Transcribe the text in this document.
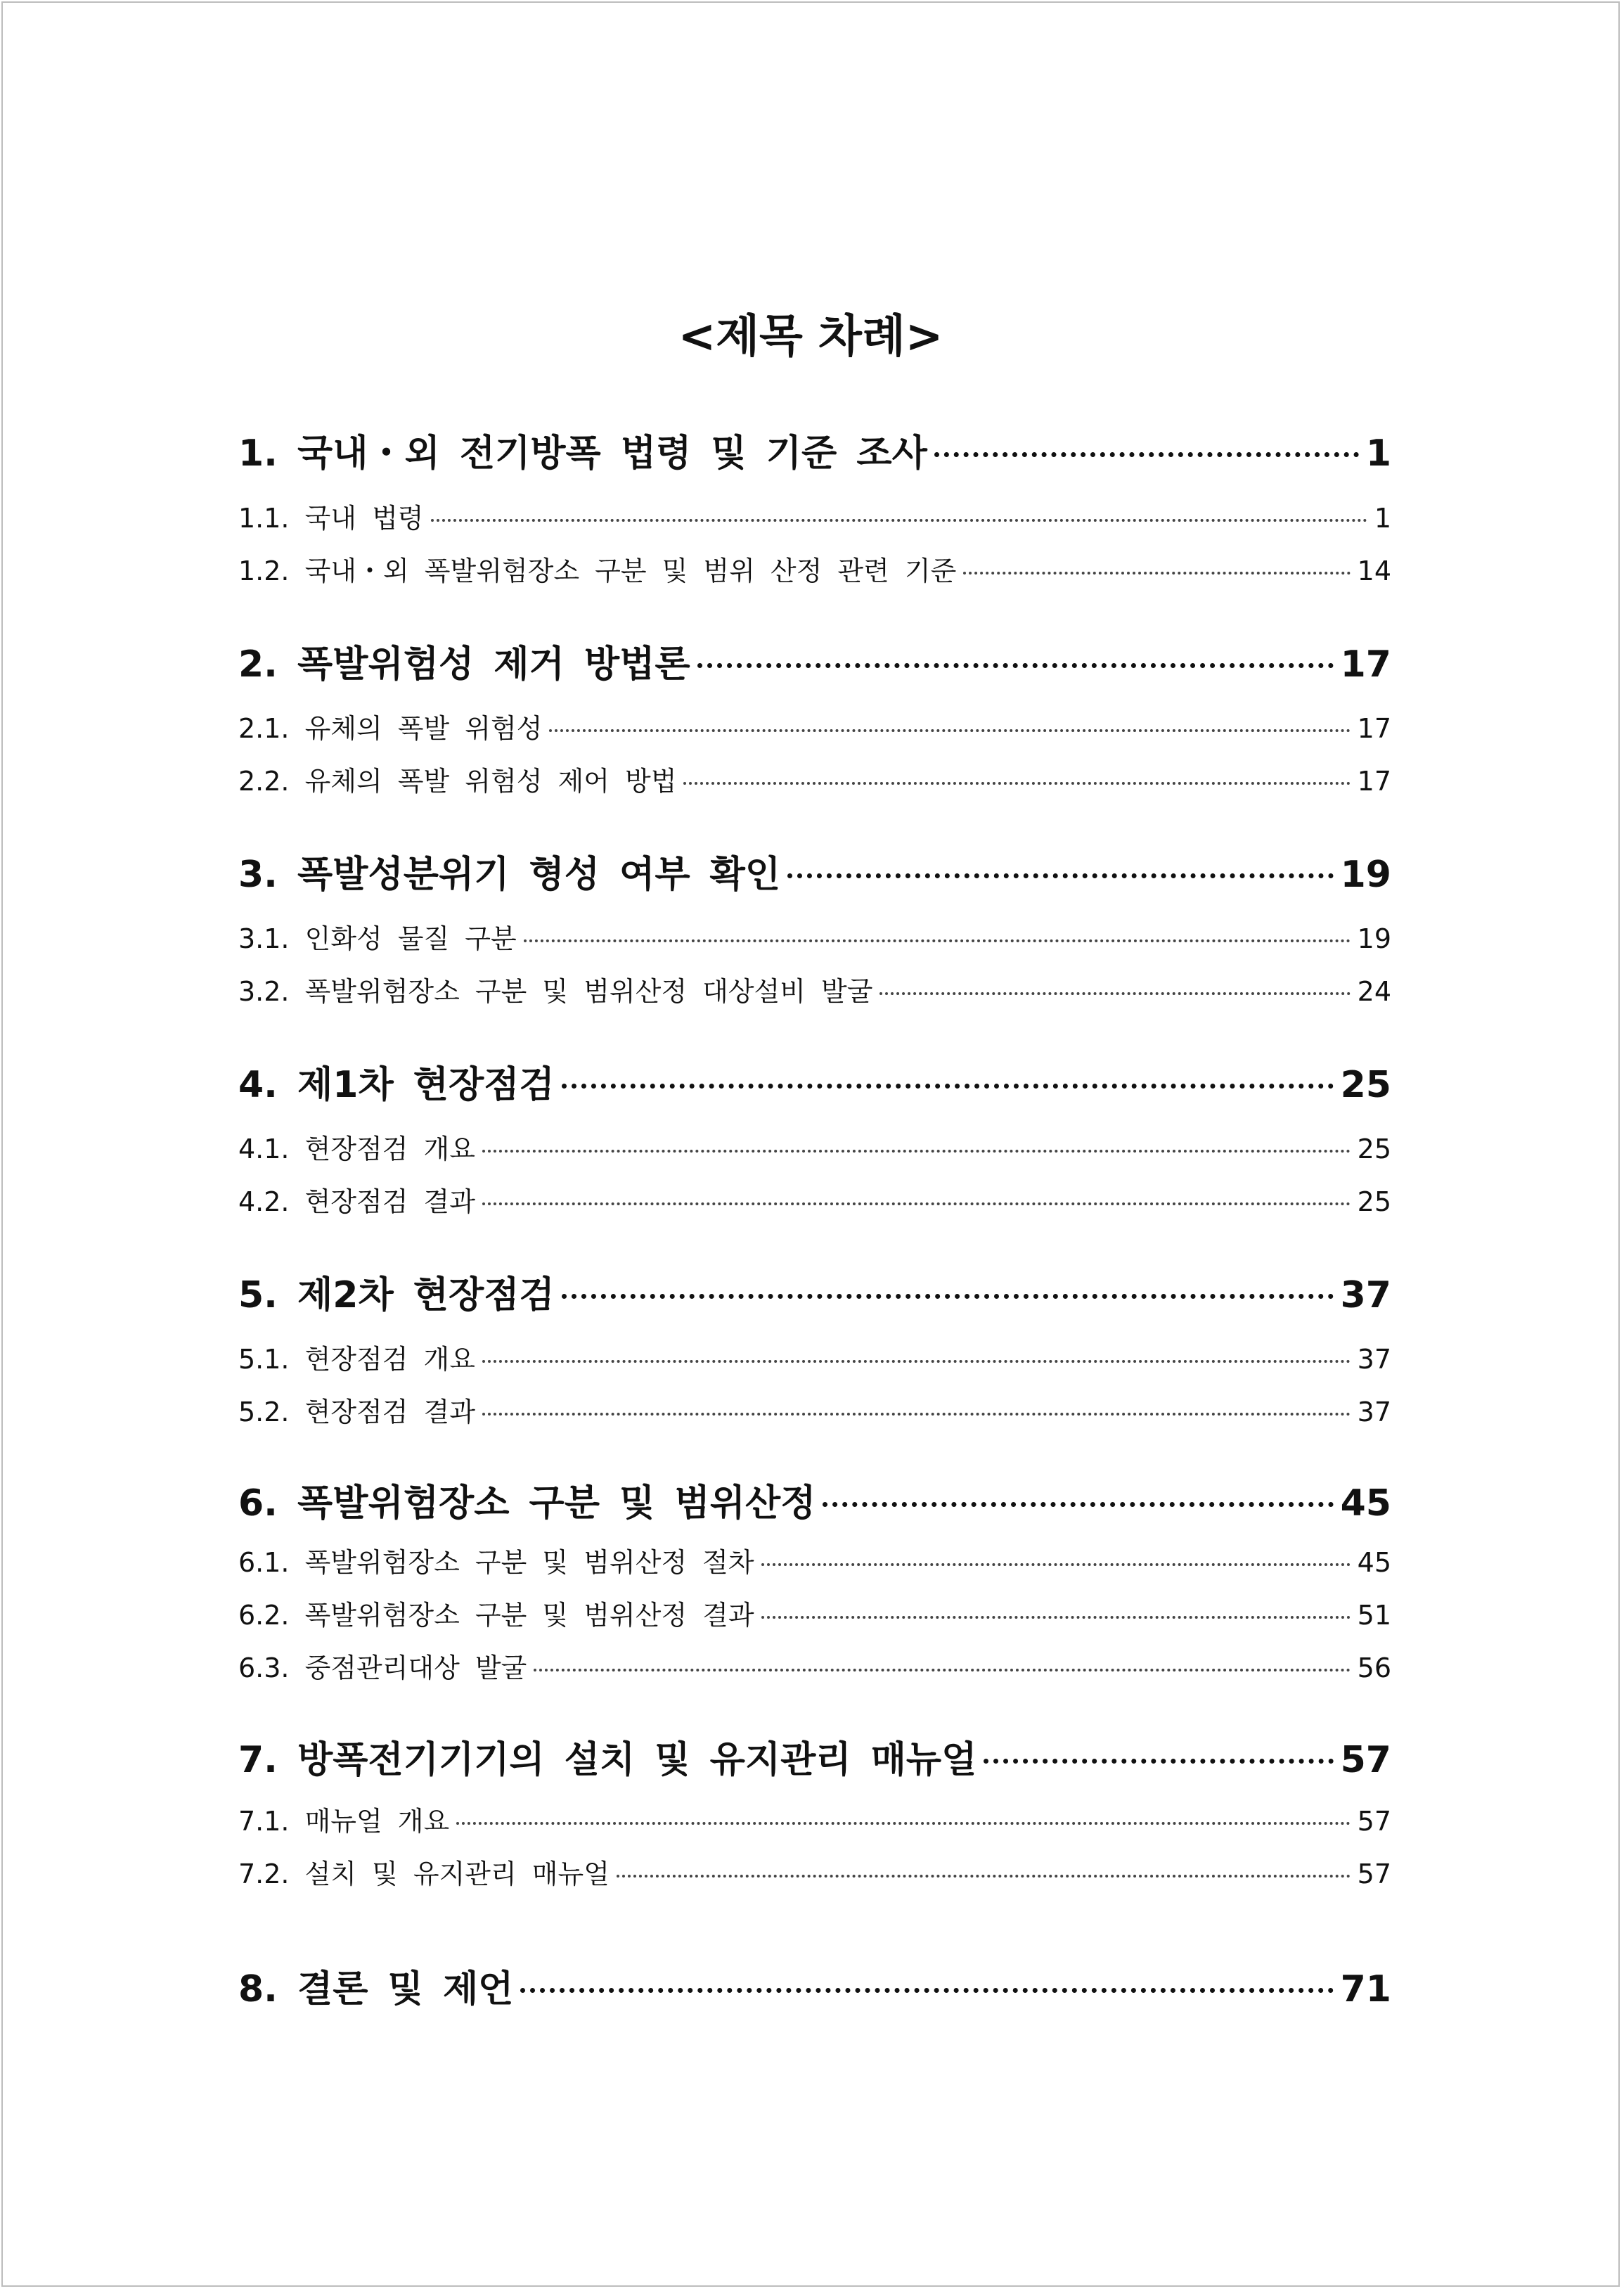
<제목 차례>
1. 국내・외 전기방폭 법령 및 기준 조사	1
1.1. 국내 법령	1
1.2. 국내・외 폭발위험장소 구분 및 범위 산정 관련 기준	14
2. 폭발위험성 제거 방법론	17
2.1. 유체의 폭발 위험성	17
2.2. 유체의 폭발 위험성 제어 방법	17
3. 폭발성분위기 형성 여부 확인	19
3.1. 인화성 물질 구분	19
3.2. 폭발위험장소 구분 및 범위산정 대상설비 발굴	24
4. 제1차 현장점검	25
4.1. 현장점검 개요	25
4.2. 현장점검 결과	25
5. 제2차 현장점검	37
5.1. 현장점검 개요	37
5.2. 현장점검 결과	37
6. 폭발위험장소 구분 및 범위산정	45
6.1. 폭발위험장소 구분 및 범위산정 절차	45
6.2. 폭발위험장소 구분 및 범위산정 결과	51
6.3. 중점관리대상 발굴	56
7. 방폭전기기기의 설치 및 유지관리 매뉴얼	57
7.1. 매뉴얼 개요	57
7.2. 설치 및 유지관리 매뉴얼	57
8. 결론 및 제언	71
